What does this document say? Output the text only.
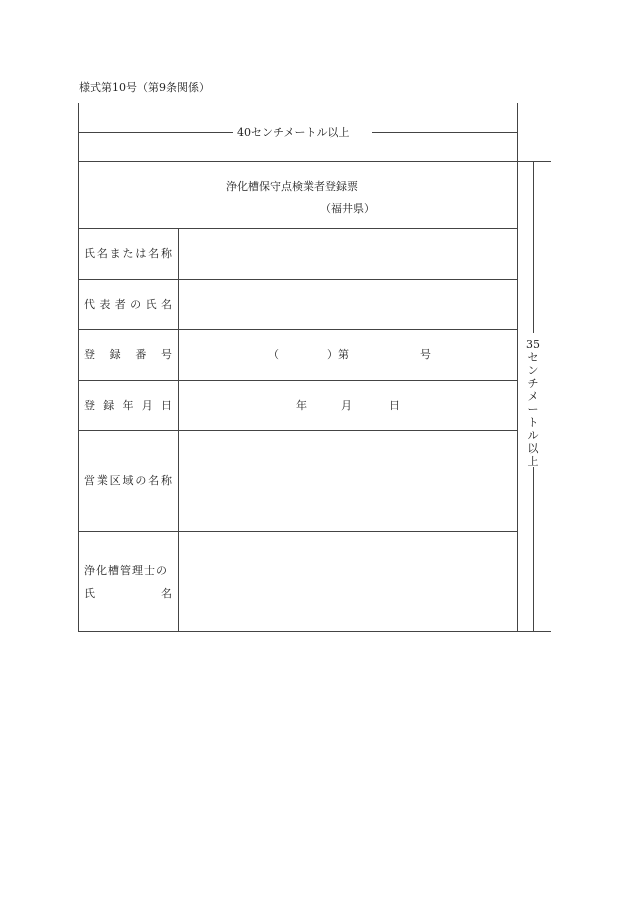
様式第10号（第9条関係）
40センチメートル以上
35
セ
ン
チ
メ
ー
ト
ル
以
上
浄化槽保守点検業者登録票
（福井県）
氏 名 ま た は 名 称
代 表 者 の 氏 名
登 録 番 号	（	）第	号
登 録 年 月 日	年	月	日
営 業 区 域 の 名 称
浄化槽管理士の
氏	名
